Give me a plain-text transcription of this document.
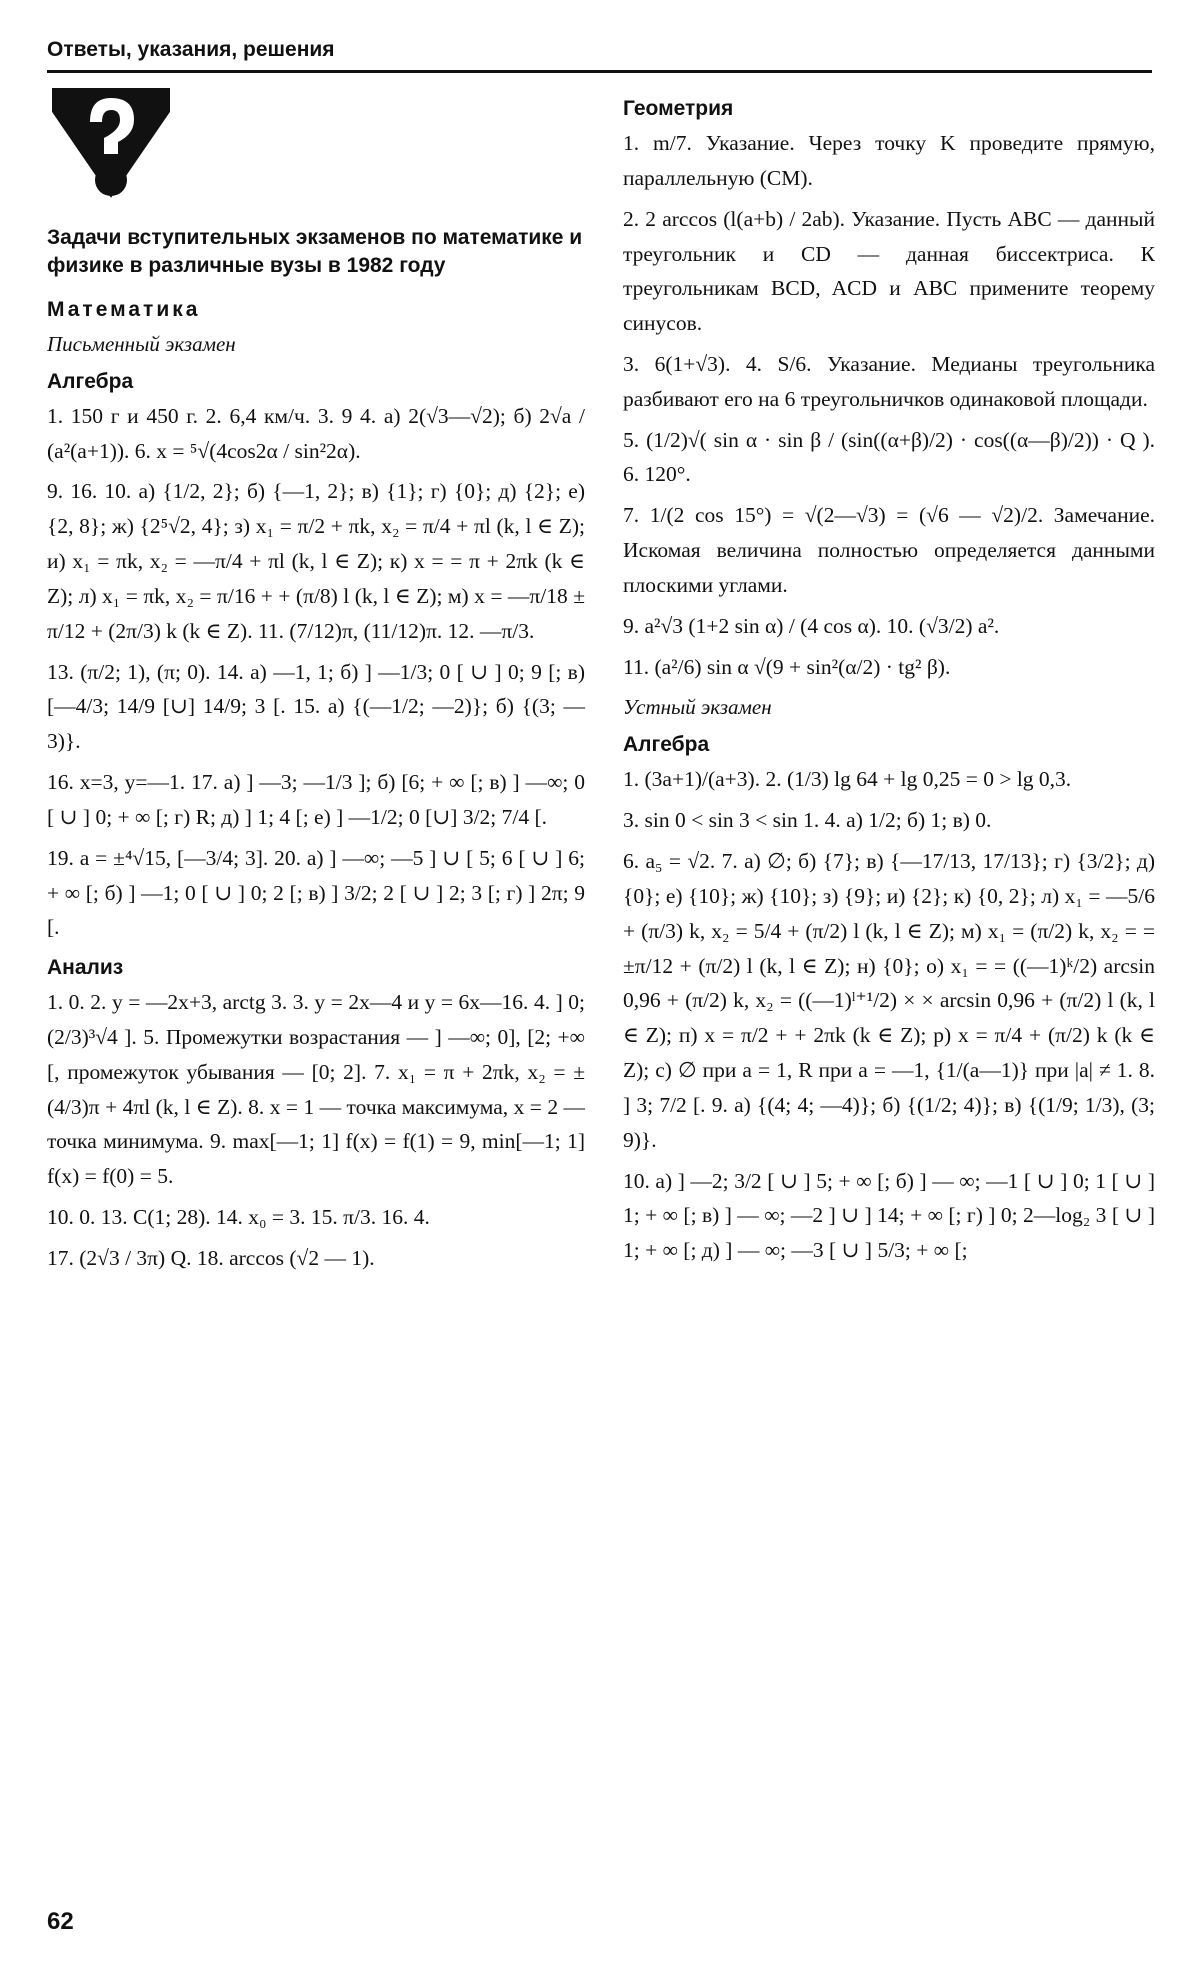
Ответы, указания, решения

Задачи вступительных экзаменов по математике и физике в различные вузы в 1982 году

Математика

Письменный экзамен

Алгебра

1. 150 г и 450 г. 2. 6,4 км/ч. 3. 9 4. а) 2(√3—√2); б) 2√a / (a²(a+1)). 6. x = ⁵√(4cos2α / sin²2α).

9. 16. 10. а) {1/2, 2}; б) {—1, 2}; в) {1}; г) {0}; д) {2}; е) {2, 8}; ж) {2⁵√2, 4}; з) x₁ = π/2 + πk, x₂ = π/4 + πl (k, l ∈ Z); и) x₁ = πk, x₂ = —π/4 + πl (k, l ∈ Z); к) x = = π + 2πk (k ∈ Z); л) x₁ = πk, x₂ = π/16 + + (π/8) l (k, l ∈ Z); м) x = —π/18 ± π/12 + (2π/3) k (k ∈ Z). 11. (7/12)π, (11/12)π. 12. —π/3.

13. (π/2; 1), (π; 0). 14. а) —1, 1; б) ] —1/3; 0 [ ∪ ] 0; 9 [; в) [—4/3; 14/9 [∪] 14/9; 3 [. 15. а) {(—1/2; —2)}; б) {(3; —3)}.

16. x=3, y=—1. 17. а) ] —3; —1/3 ]; б) [6; + ∞ [; в) ] —∞; 0 [ ∪ ] 0; + ∞ [; г) R; д) ] 1; 4 [; е) ] —1/2; 0 [∪] 3/2; 7/4 [.

19. a = ±⁴√15, [—3/4; 3]. 20. а) ] —∞; —5 ] ∪ [ 5; 6 [ ∪ ] 6; + ∞ [; б) ] —1; 0 [ ∪ ] 0; 2 [; в) ] 3/2; 2 [ ∪ ] 2; 3 [; г) ] 2π; 9 [.

Анализ

1. 0. 2. y = —2x+3, arctg 3. 3. y = 2x—4 и y = 6x—16. 4. ] 0; (2/3)³√4 ]. 5. Промежутки возрастания — ] —∞; 0], [2; +∞ [, промежуток убывания — [0; 2]. 7. x₁ = π + 2πk, x₂ = ±(4/3)π + 4πl (k, l ∈ Z). 8. x = 1 — точка максимума, x = 2 — точка минимума. 9. max[—1; 1] f(x) = f(1) = 9, min[—1; 1] f(x) = f(0) = 5.

10. 0. 13. C(1; 28). 14. x₀ = 3. 15. π/3. 16. 4.

17. (2√3 / 3π) Q. 18. arccos (√2 — 1).

Геометрия

1. m/7. Указание. Через точку K проведите прямую, параллельную (CM).

2. 2 arccos (l(a+b) / 2ab). Указание. Пусть ABC — данный треугольник и CD — данная биссектриса. К треугольникам BCD, ACD и ABC примените теорему синусов.

3. 6(1+√3). 4. S/6. Указание. Медианы треугольника разбивают его на 6 треугольничков одинаковой площади.

5. (1/2)√( sin α · sin β / (sin((α+β)/2) · cos((α—β)/2)) · Q ). 6. 120°.

7. 1/(2 cos 15°) = √(2—√3) = (√6 — √2)/2. Замечание. Искомая величина полностью определяется данными плоскими углами.

9. a²√3 (1+2 sin α) / (4 cos α). 10. (√3/2) a².

11. (a²/6) sin α √(9 + sin²(α/2) · tg² β).

Устный экзамен

Алгебра

1. (3a+1)/(a+3). 2. (1/3) lg 64 + lg 0,25 = 0 > lg 0,3.

3. sin 0 < sin 3 < sin 1. 4. а) 1/2; б) 1; в) 0.

6. a₅ = √2. 7. а) ∅; б) {7}; в) {—17/13, 17/13}; г) {3/2}; д) {0}; е) {10}; ж) {10}; з) {9}; и) {2}; к) {0, 2}; л) x₁ = —5/6 + (π/3) k, x₂ = 5/4 + (π/2) l (k, l ∈ Z); м) x₁ = (π/2) k, x₂ = = ±π/12 + (π/2) l (k, l ∈ Z); н) {0}; о) x₁ = = ((—1)ᵏ/2) arcsin 0,96 + (π/2) k, x₂ = ((—1)ˡ⁺¹/2) × × arcsin 0,96 + (π/2) l (k, l ∈ Z); п) x = π/2 + + 2πk (k ∈ Z); р) x = π/4 + (π/2) k (k ∈ Z); с) ∅ при a = 1, R при a = —1, {1/(a—1)} при |a| ≠ 1. 8. ] 3; 7/2 [. 9. а) {(4; 4; —4)}; б) {(1/2; 4)}; в) {(1/9; 1/3), (3; 9)}.

10. а) ] —2; 3/2 [ ∪ ] 5; + ∞ [; б) ] — ∞; —1 [ ∪ ] 0; 1 [ ∪ ] 1; + ∞ [; в) ] — ∞; —2 ] ∪ ] 14; + ∞ [; г) ] 0; 2—log₂ 3 [ ∪ ] 1; + ∞ [; д) ] — ∞; —3 [ ∪ ] 5/3; + ∞ [;

62
